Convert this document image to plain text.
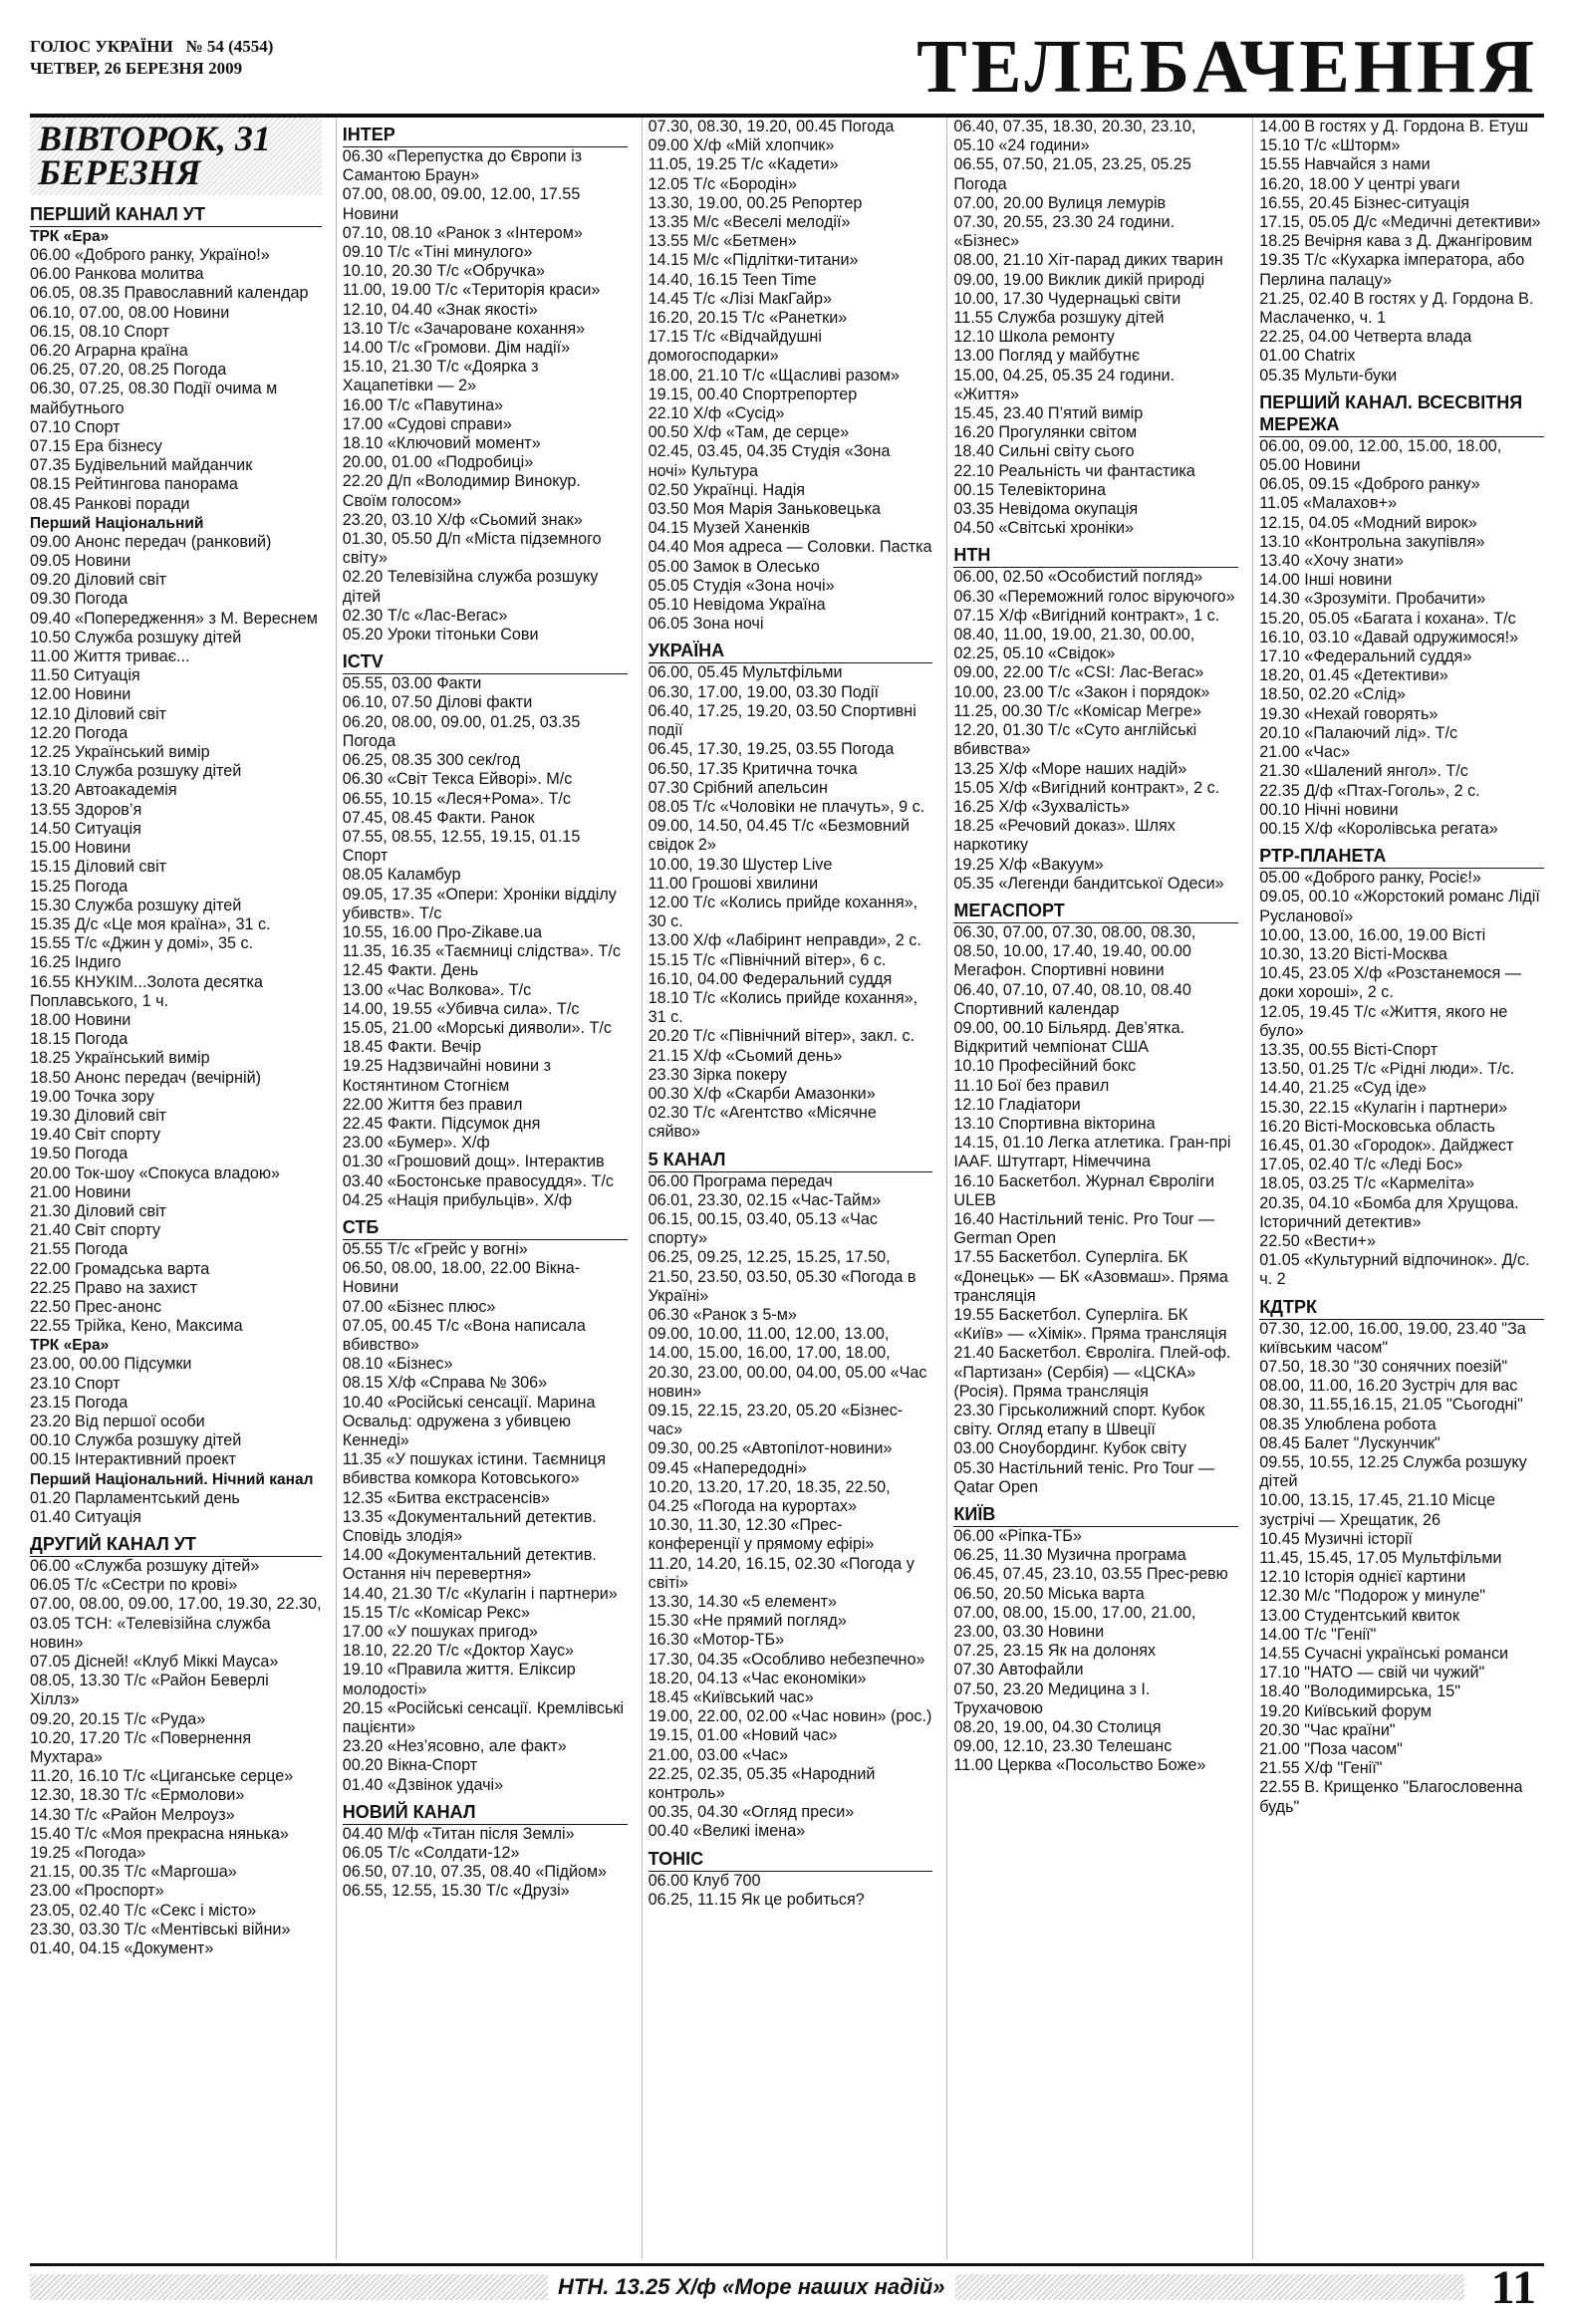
ГОЛОС УКРАЇНИ № 54 (4554)
ЧЕТВЕР, 26 БЕРЕЗНЯ 2009	ТЕЛЕБАЧЕННЯ
ВІВТОРОК, 31 БЕРЕЗНЯ
ПЕРШИЙ КАНАЛ УТ
ТРК «Ера»
06.00 «Доброго ранку, Україно!»
06.00 Ранкова молитва
06.05, 08.35 Православний календар
06.10, 07.00, 08.00 Новини
06.15, 08.10 Спорт
06.20 Аграрна країна
06.25, 07.20, 08.25 Погода
06.30, 07.25, 08.30 Події очима м майбутнього
07.10 Спорт
07.15 Ера бізнесу
07.35 Будівельний майданчик
08.15 Рейтингова панорама
08.45 Ранкові поради
Перший Національний
09.00 Анонс передач (ранковий)
09.05 Новини
09.20 Діловий світ
09.30 Погода
09.40 «Попередження» з М. Вереснем
10.50 Служба розшуку дітей
11.00 Життя триває...
11.50 Ситуація
12.00 Новини
12.10 Діловий світ
12.20 Погода
12.25 Український вимір
13.10 Служба розшуку дітей
13.20 Автоакадемія
13.55 Здоров’я
14.50 Ситуація
15.00 Новини
15.15 Діловий світ
15.25 Погода
15.30 Служба розшуку дітей
15.35 Д/с «Це моя країна», 31 с.
15.55 Т/с «Джин у домі», 35 с.
16.25 Індиго
16.55 КНУКІМ...Золота десятка Поплавського, 1 ч.
18.00 Новини
18.15 Погода
18.25 Український вимір
18.50 Анонс передач (вечірній)
19.00 Точка зору
19.30 Діловий світ
19.40 Світ спорту
19.50 Погода
20.00 Ток-шоу «Спокуса владою»
21.00 Новини
21.30 Діловий світ
21.40 Світ спорту
21.55 Погода
22.00 Громадська варта
22.25 Право на захист
22.50 Прес-анонс
22.55 Трійка, Кено, Максима
ТРК «Ера»
23.00, 00.00 Підсумки
23.10 Спорт
23.15 Погода
23.20 Від першої особи
00.10 Служба розшуку дітей
00.15 Інтерактивний проект
Перший Національний. Нічний канал
01.20 Парламентський день
01.40 Ситуація
ДРУГИЙ КАНАЛ УТ
06.00 «Служба розшуку дітей»
06.05 Т/с «Сестри по крові»
07.00, 08.00, 09.00, 17.00, 19.30, 22.30, 03.05 ТСН: «Телевізійна служба новин»
07.05 Дісней! «Клуб Міккі Мауса»
08.05, 13.30 Т/с «Район Беверлі Хіллз»
09.20, 20.15 Т/с «Руда»
10.20, 17.20 Т/с «Повернення Мухтара»
11.20, 16.10 Т/с «Циганське серце»
12.30, 18.30 Т/с «Ермолови»
14.30 Т/с «Район Мелроуз»
15.40 Т/с «Моя прекрасна нянька»
19.25 «Погода»
21.15, 00.35 Т/с «Маргоша»
23.00 «Проспорт»
23.05, 02.40 Т/с «Секс і місто»
23.30, 03.30 Т/с «Ментівські війни»
01.40, 04.15 «Документ»
ІНТЕР
06.30 «Перепустка до Європи із Самантою Браун»
07.00, 08.00, 09.00, 12.00, 17.55 Новини
07.10, 08.10 «Ранок з «Інтером»
09.10 Т/с «Тіні минулого»
10.10, 20.30 Т/с «Обручка»
11.00, 19.00 Т/с «Територія краси»
12.10, 04.40 «Знак якості»
13.10 Т/с «Зачароване кохання»
14.00 Т/с «Громови. Дім надії»
15.10, 21.30 Т/с «Доярка з Хацапетівки — 2»
16.00 Т/с «Павутина»
17.00 «Судові справи»
18.10 «Ключовий момент»
20.00, 01.00 «Подробиці»
22.20 Д/п «Володимир Винокур. Своїм голосом»
23.20, 03.10 Х/ф «Сьомий знак»
01.30, 05.50 Д/п «Міста підземного світу»
02.20 Телевізійна служба розшуку дітей
02.30 Т/с «Лас-Вегас»
05.20 Уроки тітоньки Сови
ICTV
05.55, 03.00 Факти
06.10, 07.50 Ділові факти
06.20, 08.00, 09.00, 01.25, 03.35 Погода
06.25, 08.35 300 сек/год
06.30 «Світ Текса Ейворі». М/с
06.55, 10.15 «Леся+Рома». Т/с
07.45, 08.45 Факти. Ранок
07.55, 08.55, 12.55, 19.15, 01.15 Спорт
08.05 Каламбур
09.05, 17.35 «Опери: Хроніки відділу убивств». Т/с
10.55, 16.00 Про-Zikaвe.ua
11.35, 16.35 «Таємниці слідства». Т/с
12.45 Факти. День
13.00 «Час Волкова». Т/с
14.00, 19.55 «Убивча сила». Т/с
15.05, 21.00 «Морські дияволи». Т/с
18.45 Факти. Вечір
19.25 Надзвичайні новини з Костянтином Стогнієм
22.00 Життя без правил
22.45 Факти. Підсумок дня
23.00 «Бумер». Х/ф
01.30 «Грошовий дощ». Інтерактив
03.40 «Бостонське правосуддя». Т/с
04.25 «Нація прибульців». Х/ф
СТБ
05.55 Т/с «Грейс у вогні»
06.50, 08.00, 18.00, 22.00 Вікна-Новини
07.00 «Бізнес плюс»
07.05, 00.45 Т/с «Вона написала вбивство»
08.10 «Бізнес»
08.15 Х/ф «Справа № 306»
10.40 «Російські сенсації. Марина Освальд: одружена з убивцею Кеннеді»
11.35 «У пошуках істини. Таємниця вбивства комкора Котовського»
12.35 «Битва екстрасенсів»
13.35 «Документальний детектив. Сповідь злодія»
14.00 «Документальний детектив. Остання ніч перевертня»
14.40, 21.30 Т/с «Кулагін і партнери»
15.15 Т/с «Комісар Рекс»
17.00 «У пошуках пригод»
18.10, 22.20 Т/с «Доктор Хаус»
19.10 «Правила життя. Еліксир молодості»
20.15 «Російські сенсації. Кремлівські пацієнти»
23.20 «Нез’ясовно, але факт»
00.20 Вікна-Спорт
01.40 «Дзвінок удачі»
НОВИЙ КАНАЛ
04.40 М/ф «Титан після Землі»
06.05 Т/с «Солдати-12»
06.50, 07.10, 07.35, 08.40 «Підйом»
06.55, 12.55, 15.30 Т/с «Друзі»
07.30, 08.30, 19.20, 00.45 Погода
09.00 Х/ф «Мій хлопчик»
11.05, 19.25 Т/с «Кадети»
12.05 Т/с «Бородін»
13.30, 19.00, 00.25 Репортер
13.35 М/с «Веселі мелодії»
13.55 М/с «Бетмен»
14.15 М/с «Підлітки-титани»
14.40, 16.15 Teen Time
14.45 Т/с «Лізі МакГайр»
16.20, 20.15 Т/с «Ранетки»
17.15 Т/с «Відчайдушні домогосподарки»
18.00, 21.10 Т/с «Щасливі разом»
19.15, 00.40 Спортрепортер
22.10 Х/ф «Сусід»
00.50 Х/ф «Там, де серце»
02.45, 03.45, 04.35 Студія «Зона ночі» Культура
02.50 Українці. Надія
03.50 Моя Марія Заньковецька
04.15 Музей Ханенків
04.40 Моя адреса — Соловки. Пастка
05.00 Замок в Олесько
05.05 Студія «Зона ночі»
05.10 Невідома Україна
06.05 Зона ночі
УКРАЇНА
06.00, 05.45 Мультфільми
06.30, 17.00, 19.00, 03.30 Події
06.40, 17.25, 19.20, 03.50 Спортивні події
06.45, 17.30, 19.25, 03.55 Погода
06.50, 17.35 Критична точка
07.30 Срібний апельсин
08.05 Т/с «Чоловіки не плачуть», 9 с.
09.00, 14.50, 04.45 Т/с «Безмовний свідок 2»
10.00, 19.30 Шустер Live
11.00 Грошові хвилини
12.00 Т/с «Колись прийде кохання», 30 с.
13.00 Х/ф «Лабіринт неправди», 2 с.
15.15 Т/с «Північний вітер», 6 с.
16.10, 04.00 Федеральний суддя
18.10 Т/с «Колись прийде кохання», 31 с.
20.20 Т/с «Північний вітер», закл. с.
21.15 Х/ф «Сьомий день»
23.30 Зірка покеру
00.30 Х/ф «Скарби Амазонки»
02.30 Т/с «Агентство «Місячне сяйво»
5 КАНАЛ
06.00 Програма передач
06.01, 23.30, 02.15 «Час-Тайм»
06.15, 00.15, 03.40, 05.13 «Час спорту»
06.25, 09.25, 12.25, 15.25, 17.50, 21.50, 23.50, 03.50, 05.30 «Погода в Україні»
06.30 «Ранок з 5-м»
09.00, 10.00, 11.00, 12.00, 13.00, 14.00, 15.00, 16.00, 17.00, 18.00, 20.30, 23.00, 00.00, 04.00, 05.00 «Час новин»
09.15, 22.15, 23.20, 05.20 «Бізнес-час»
09.30, 00.25 «Автопілот-новини»
09.45 «Напередодні»
10.20, 13.20, 17.20, 18.35, 22.50, 04.25 «Погода на курортах»
10.30, 11.30, 12.30 «Прес-конференції у прямому ефірі»
11.20, 14.20, 16.15, 02.30 «Погода у світі»
13.30, 14.30 «5 елемент»
15.30 «Не прямий погляд»
16.30 «Мотор-ТБ»
17.30, 04.35 «Особливо небезпечно»
18.20, 04.13 «Час економіки»
18.45 «Київський час»
19.00, 22.00, 02.00 «Час новин» (рос.)
19.15, 01.00 «Новий час»
21.00, 03.00 «Час»
22.25, 02.35, 05.35 «Народний контроль»
00.35, 04.30 «Огляд преси»
00.40 «Великі імена»
ТОНІС
06.00 Клуб 700
06.25, 11.15 Як це робиться?
06.40, 07.35, 18.30, 20.30, 23.10, 05.10 «24 години»
06.55, 07.50, 21.05, 23.25, 05.25 Погода
07.00, 20.00 Вулиця лемурів
07.30, 20.55, 23.30 24 години. «Бізнес»
08.00, 21.10 Хіт-парад диких тварин
09.00, 19.00 Виклик дикій природі
10.00, 17.30 Чудернацькі світи
11.55 Служба розшуку дітей
12.10 Школа ремонту
13.00 Погляд у майбутнє
15.00, 04.25, 05.35 24 години. «Життя»
15.45, 23.40 П’ятий вимір
16.20 Прогулянки світом
18.40 Сильні світу сього
22.10 Реальність чи фантастика
00.15 Телевікторина
03.35 Невідома окупація
04.50 «Світські хроніки»
НТН
06.00, 02.50 «Особистий погляд»
06.30 «Переможний голос віруючого»
07.15 Х/ф «Вигідний контракт», 1 с.
08.40, 11.00, 19.00, 21.30, 00.00, 02.25, 05.10 «Свідок»
09.00, 22.00 Т/с «CSI: Лас-Вегас»
10.00, 23.00 Т/с «Закон і порядок»
11.25, 00.30 Т/с «Комісар Мегре»
12.20, 01.30 Т/с «Суто англійські вбивства»
13.25 Х/ф «Море наших надій»
15.05 Х/ф «Вигідний контракт», 2 с.
16.25 Х/ф «Зухвалість»
18.25 «Речовий доказ». Шлях наркотику
19.25 Х/ф «Вакуум»
05.35 «Легенди бандитської Одеси»
МЕГАСПОРТ
06.30, 07.00, 07.30, 08.00, 08.30, 08.50, 10.00, 17.40, 19.40, 00.00 Мегафон. Спортивні новини
06.40, 07.10, 07.40, 08.10, 08.40 Спортивний календар
09.00, 00.10 Більярд. Дев’ятка. Відкритий чемпіонат США
10.10 Професійний бокс
11.10 Бої без правил
12.10 Гладіатори
13.10 Спортивна вікторина
14.15, 01.10 Легка атлетика. Гран-прі IAAF. Штутгарт, Німеччина
16.10 Баскетбол. Журнал Євроліги ULEB
16.40 Настільний теніс. Pro Tour — German Open
17.55 Баскетбол. Суперліга. БК «Донецьк» — БК «Азовмаш». Пряма трансляція
19.55 Баскетбол. Суперліга. БК «Київ» — «Хімік». Пряма трансляція
21.40 Баскетбол. Євроліга. Плей-оф. «Партизан» (Сербія) — «ЦСКА» (Росія). Пряма трансляція
23.30 Гірськолижний спорт. Кубок світу. Огляд етапу в Швеції
03.00 Сноубординг. Кубок світу
05.30 Настільний теніс. Pro Tour — Qatar Open
КИЇВ
06.00 «Ріпка-ТБ»
06.25, 11.30 Музична програма
06.45, 07.45, 23.10, 03.55 Прес-ревю
06.50, 20.50 Міська варта
07.00, 08.00, 15.00, 17.00, 21.00, 23.00, 03.30 Новини
07.25, 23.15 Як на долонях
07.30 Автофайли
07.50, 23.20 Медицина з І. Трухачовою
08.20, 19.00, 04.30 Столиця
09.00, 12.10, 23.30 Телешанс
11.00 Церква «Посольство Боже»
14.00 В гостях у Д. Гордона В. Етуш
15.10 Т/с «Шторм»
15.55 Навчайся з нами
16.20, 18.00 У центрі уваги
16.55, 20.45 Бізнес-ситуація
17.15, 05.05 Д/с «Медичні детективи»
18.25 Вечірня кава з Д. Джангіровим
19.35 Т/с «Кухарка імператора, або Перлина палацу»
21.25, 02.40 В гостях у Д. Гордона В. Маслаченко, ч. 1
22.25, 04.00 Четверта влада
01.00 Chatrix
05.35 Мульти-буки
ПЕРШИЙ КАНАЛ. ВСЕСВІТНЯ МЕРЕЖА
06.00, 09.00, 12.00, 15.00, 18.00, 05.00 Новини
06.05, 09.15 «Доброго ранку»
11.05 «Малахов+»
12.15, 04.05 «Модний вирок»
13.10 «Контрольна закупівля»
13.40 «Хочу знати»
14.00 Інші новини
14.30 «Зрозуміти. Пробачити»
15.20, 05.05 «Багата і кохана». Т/с
16.10, 03.10 «Давай одружимося!»
17.10 «Федеральний суддя»
18.20, 01.45 «Детективи»
18.50, 02.20 «Слід»
19.30 «Нехай говорять»
20.10 «Палаючий лід». Т/с
21.00 «Час»
21.30 «Шалений янгол». Т/с
22.35 Д/ф «Птах-Гоголь», 2 с.
00.10 Нічні новини
00.15 Х/ф «Королівська регата»
РТР-ПЛАНЕТА
05.00 «Доброго ранку, Росіє!»
09.05, 00.10 «Жорстокий романс Лідії Русланової»
10.00, 13.00, 16.00, 19.00 Вісті
10.30, 13.20 Вісті-Москва
10.45, 23.05 Х/ф «Розстанемося — доки хороші», 2 с.
12.05, 19.45 Т/с «Життя, якого не було»
13.35, 00.55 Вісті-Спорт
13.50, 01.25 Т/с «Рідні люди». Т/с.
14.40, 21.25 «Суд іде»
15.30, 22.15 «Кулагін і партнери»
16.20 Вісті-Московська область
16.45, 01.30 «Городок». Дайджест
17.05, 02.40 Т/с «Леді Бос»
18.05, 03.25 Т/с «Кармеліта»
20.35, 04.10 «Бомба для Хрущова. Історичний детектив»
22.50 «Вести+»
01.05 «Культурний відпочинок». Д/с. ч. 2
КДТРК
07.30, 12.00, 16.00, 19.00, 23.40 "За київським часом"
07.50, 18.30 "30 сонячних поезій"
08.00, 11.00, 16.20 Зустріч для вас
08.30, 11.55,16.15, 21.05 "Сьогодні"
08.35 Улюблена робота
08.45 Балет "Лускунчик"
09.55, 10.55, 12.25 Служба розшуку дітей
10.00, 13.15, 17.45, 21.10 Місце зустрічі — Хрещатик, 26
10.45 Музичні історії
11.45, 15.45, 17.05 Мультфільми
12.10 Історія однієї картини
12.30 М/с "Подорож у минуле"
13.00 Студентський квиток
14.00 Т/с "Генії"
14.55 Сучасні українські романси
17.10 "НАТО — свій чи чужий"
18.40 "Володимирська, 15"
19.20 Київський форум
20.30 "Час країни"
21.00 "Поза часом"
21.55 Х/ф "Генії"
22.55 В. Крищенко "Благословенна будь"
НТН. 13.25 Х/ф «Море наших надій»	11
